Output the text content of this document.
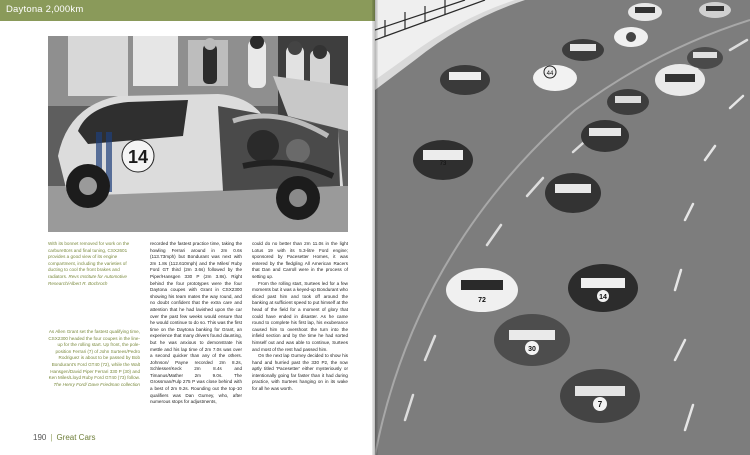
Daytona 2,000km
14
With its bonnet removed for work on the carburettors and final tuning, CSX2601 provides a good view of its engine compartment, including the varieties of ducting to cool the front brakes and radiators. Revs Institute for Automotive Research/Albert R. Bochroch
As Allen Grant set the fastest qualifying time, CSX2300 headed the four coupes in the line-up for the rolling start. Up front, the pole-position Ferrari (7) of John Surtees/Pedro Rodriguez is about to be passed by Bob Bondurant's Ford GT40 (72), while the Walt Hansgen/David Piper Ferrari 330 P (30) and Ken Miles/Lloyd Ruby Ford GT40 (73) follow. The Henry Ford/ Dave Friedman collection

recorded the fastest practice time, taking the howling Ferrari around in 2m 0.6s (113.73mph) but Bondurant was next with 2m 1.8s (112.610mph) and the Miles/ Ruby Ford GT third (2m 3.6s) followed by the Piper/Hansgen 330 P (2m 3.8s). Right behind the four prototypes were the four Daytona coupes with Grant in CSX2300 showing his team mates the way round, and no doubt confident that the extra care and attention that he had lavished upon the car over the past few weeks would ensure that he would continue to do so. This was the first time on the Daytona banking for Grant, an experience that many drivers found daunting, but he was anxious to demonstrate his mettle and his lap time of 2m 7.0s was over a second quicker than any of the others. Johnson/ Payne recorded 2m 8.2s, Schlesser/Keck 2m 8.4s and Timanus/Mather 2m 9.0s. The Grossman/Fulp 275 P was close behind with a best of 2m 9.2s. Rounding out the top-10 qualifiers was Dan Gurney, who, after numerous stops for adjustments,

could do no better than 2m 11.0s in the light Lotus 19 with its 5.3-litre Ford engine; sponsored by Pacesetter Homes, it was entered by the fledgling All American Racers that Dan and Carroll were in the process of setting up.

From the rolling start, Surtees led for a few moments but it was a keyed-up Bondurant who sliced past him and took off around the banking at sufficient speed to put himself at the head of the field for a moment of glory that could have ended in disaster. As he came round to complete his first lap, his exuberance caused him to overshoot the turn into the infield section and by the time he had sorted himself out and was able to continue, Surtees and most of the rest had passed him.

On the next lap Gurney decided to show his hand and hurried past the 330 P2, the now aptly titled 'Pacesetter' either mysteriously or intentionally going far faster than it had during practice, with Surtees hanging on in its wake for all he was worth.

190 | Great Cars
44
72	14
30
7
73
